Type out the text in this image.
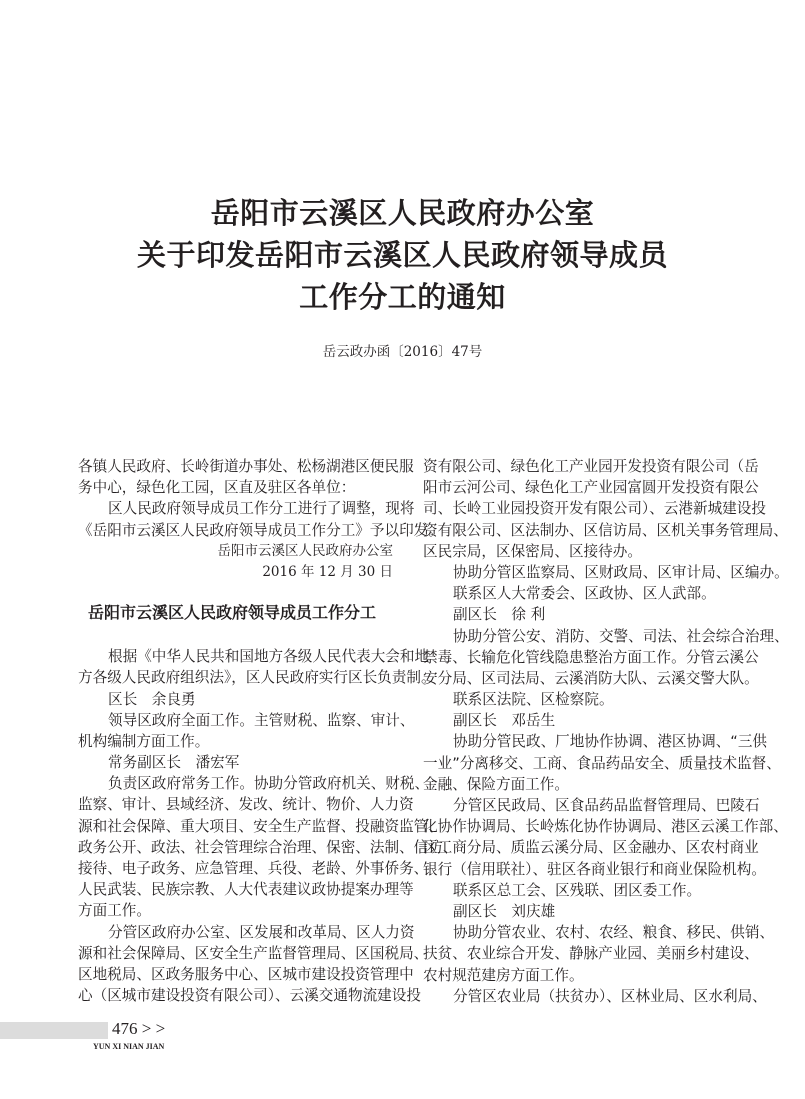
岳阳市云溪区人民政府办公室
关于印发岳阳市云溪区人民政府领导成员
工作分工的通知
岳云政办函〔2016〕47号
各镇人民政府、长岭街道办事处、松杨湖港区便民服
务中心，绿色化工园，区直及驻区各单位：
区人民政府领导成员工作分工进行了调整，现将
《岳阳市云溪区人民政府领导成员工作分工》予以印发。
岳阳市云溪区人民政府办公室
2016 年 12 月 30 日
岳阳市云溪区人民政府领导成员工作分工
根据《中华人民共和国地方各级人民代表大会和地
方各级人民政府组织法》，区人民政府实行区长负责制。
区长　余良勇
领导区政府全面工作。主管财税、监察、审计、
机构编制方面工作。
常务副区长　潘宏军
负责区政府常务工作。协助分管政府机关、财税、
监察、审计、县域经济、发改、统计、物价、人力资
源和社会保障、重大项目、安全生产监督、投融资监管、
政务公开、政法、社会管理综合治理、保密、法制、信访、
接待、电子政务、应急管理、兵役、老龄、外事侨务、
人民武装、民族宗教、人大代表建议政协提案办理等
方面工作。
分管区政府办公室、区发展和改革局、区人力资
源和社会保障局、区安全生产监督管理局、区国税局、
区地税局、区政务服务中心、区城市建设投资管理中
心（区城市建设投资有限公司）、云溪交通物流建设投
资有限公司、绿色化工产业园开发投资有限公司（岳
阳市云河公司、绿色化工产业园富圆开发投资有限公
司、长岭工业园投资开发有限公司）、云港新城建设投
资有限公司、区法制办、区信访局、区机关事务管理局、
区民宗局，区保密局、区接待办。
协助分管区监察局、区财政局、区审计局、区编办。
联系区人大常委会、区政协、区人武部。
副区长　徐 利
协助分管公安、消防、交警、司法、社会综合治理、
禁毒、长输危化管线隐患整治方面工作。分管云溪公
安分局、区司法局、云溪消防大队、云溪交警大队。
联系区法院、区检察院。
副区长　邓岳生
协助分管民政、厂地协作协调、港区协调、“三供
一业”分离移交、工商、食品药品安全、质量技术监督、
金融、保险方面工作。
分管区民政局、区食品药品监督管理局、巴陵石
化协作协调局、长岭炼化协作协调局、港区云溪工作部、
区工商分局、质监云溪分局、区金融办、区农村商业
银行（信用联社）、驻区各商业银行和商业保险机构。
联系区总工会、区残联、团区委工作。
副区长　刘庆雄
协助分管农业、农村、农经、粮食、移民、供销、
扶贫、农业综合开发、静脉产业园、美丽乡村建设、
农村规范建房方面工作。
分管区农业局（扶贫办）、区林业局、区水利局、
476 > >
YUN XI NIAN JIAN
